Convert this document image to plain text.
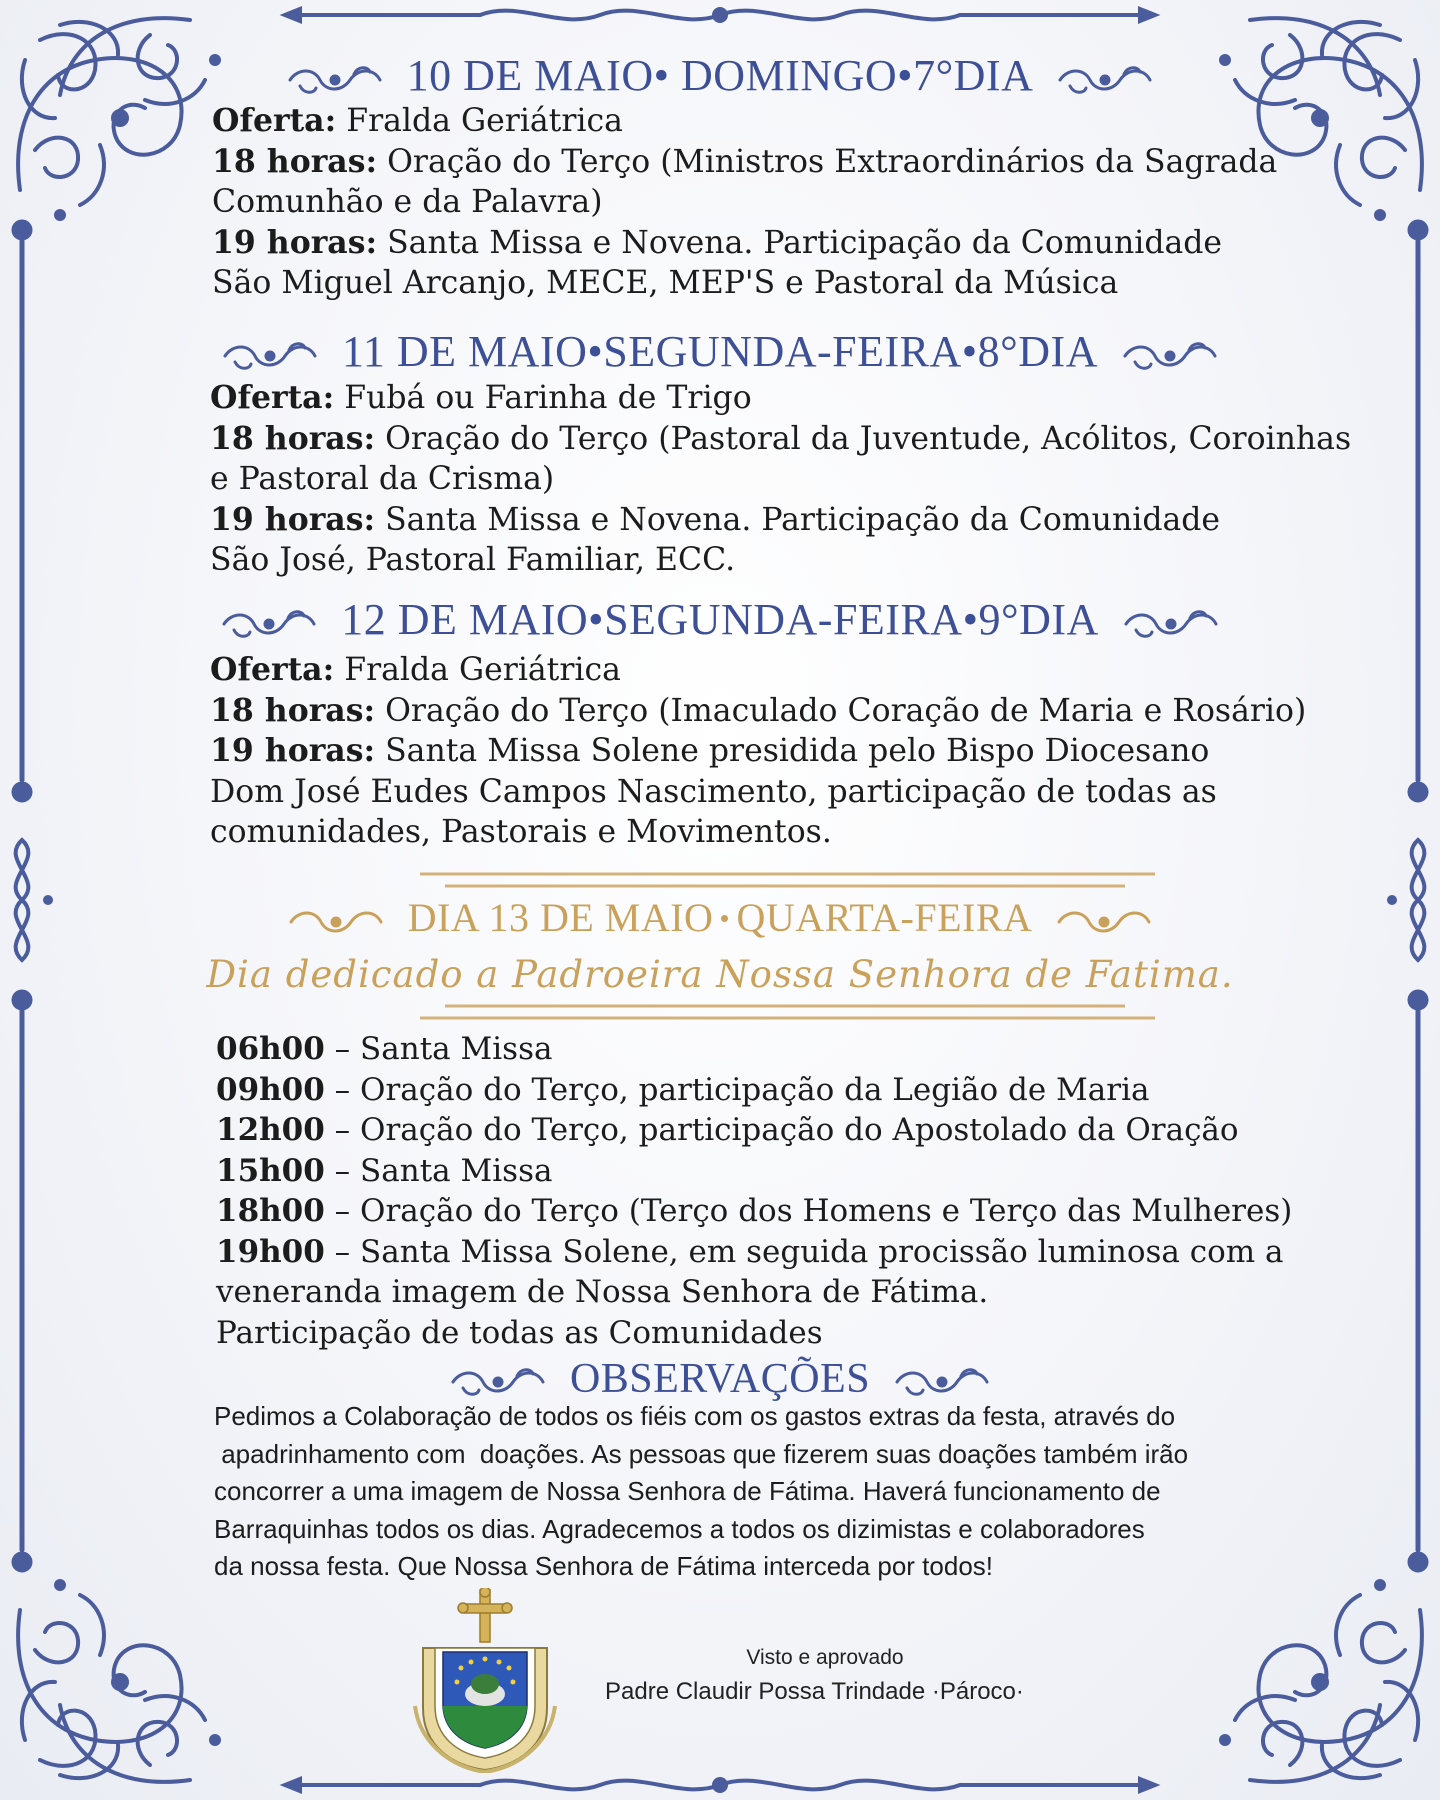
10 DE MAIO• DOMINGO•7°DIA

Oferta: Fralda Geriátrica

18 horas: Oração do Terço (Ministros Extraordinários da Sagrada

Comunhão e da Palavra)

19 horas: Santa Missa e Novena. Participação da Comunidade

São Miguel Arcanjo, MECE, MEP'S e Pastoral da Música

11 DE MAIO•SEGUNDA-FEIRA•8°DIA

Oferta: Fubá ou Farinha de Trigo

18 horas: Oração do Terço (Pastoral da Juventude, Acólitos, Coroinhas

e Pastoral da Crisma)

19 horas: Santa Missa e Novena. Participação da Comunidade

São José, Pastoral Familiar, ECC.

12 DE MAIO•SEGUNDA-FEIRA•9°DIA

Oferta: Fralda Geriátrica

18 horas: Oração do Terço (Imaculado Coração de Maria e Rosário)

19 horas: Santa Missa Solene presidida pelo Bispo Diocesano

Dom José Eudes Campos Nascimento, participação de todas as

comunidades, Pastorais e Movimentos.

DIA 13 DE MAIO QUARTA-FEIRA
Dia dedicado a Padroeira Nossa Senhora de Fatima.

06h00 – Santa Missa

09h00 – Oração do Terço, participação da Legião de Maria

12h00 – Oração do Terço, participação do Apostolado da Oração

15h00 – Santa Missa

18h00 – Oração do Terço (Terço dos Homens e Terço das Mulheres)

19h00 – Santa Missa Solene, em seguida procissão luminosa com a

veneranda imagem de Nossa Senhora de Fátima.

Participação de todas as Comunidades

OBSERVAÇÕES

Pedimos a Colaboração de todos os fiéis com os gastos extras da festa, através do

apadrinhamento com  doações. As pessoas que fizerem suas doações também irão

concorrer a uma imagem de Nossa Senhora de Fátima. Haverá funcionamento de

Barraquinhas todos os dias. Agradecemos a todos os dizimistas e colaboradores

da nossa festa. Que Nossa Senhora de Fátima interceda por todos!

Visto e aprovado
Padre Claudir Possa Trindade ·Pároco·
